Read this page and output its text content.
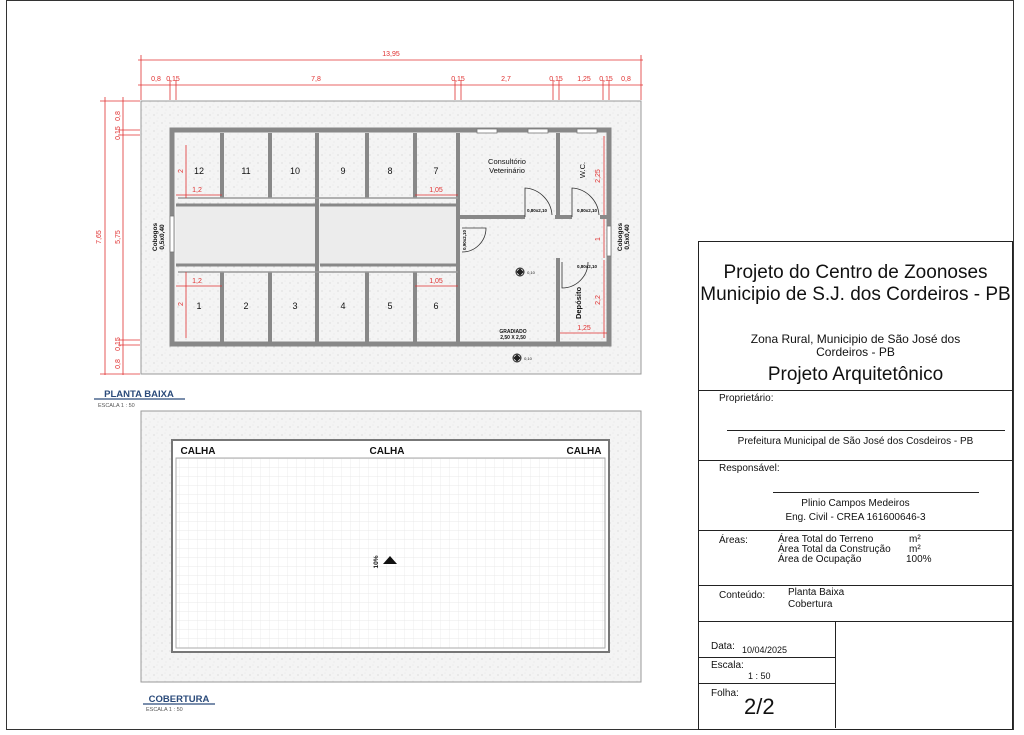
13,95
0,8 0,15	7,8	0,15	2,7	0,15 1,25 0,15 0,8
7,65
0,8
0,15
5,75
0,15
0,8
1,2	1,05
1,2	1,05
2
2
2,25
1
2,2
1,25
12	11	10	9	8	7
1	2	3	4	5	6
Consultório
Veterinário	W.C.
Depósito
Cobogos 0,5x0,40	Cobogos 0,5x0,40
0,80x2,10	0,80x2,10
0,90x2,10
0,80x2,10
GRADIADO
2,50 X 2,50
0,10
0,10
PLANTA BAIXA
ESCALA 1 : 50
CALHA	CALHA	CALHA
10%
COBERTURA
ESCALA 1 : 50
Projeto do Centro de Zoonoses Municipio de S.J. dos Cordeiros - PB
Zona Rural, Municipio de São José dos Cordeiros - PB
Projeto Arquitetônico
Proprietário:
Prefeitura Municipal de São José dos Cosdeiros - PB
Responsável:
Plinio Campos Medeiros
Eng. Civil - CREA 161600646-3
Áreas:	Área Total do Terreno	m²
Área Total da Construção m²
Área de Ocupação	100%
Conteúdo: Planta Baixa
Cobertura
Data: 10/04/2025
Escala:
1 : 50
Folha:
2/2
